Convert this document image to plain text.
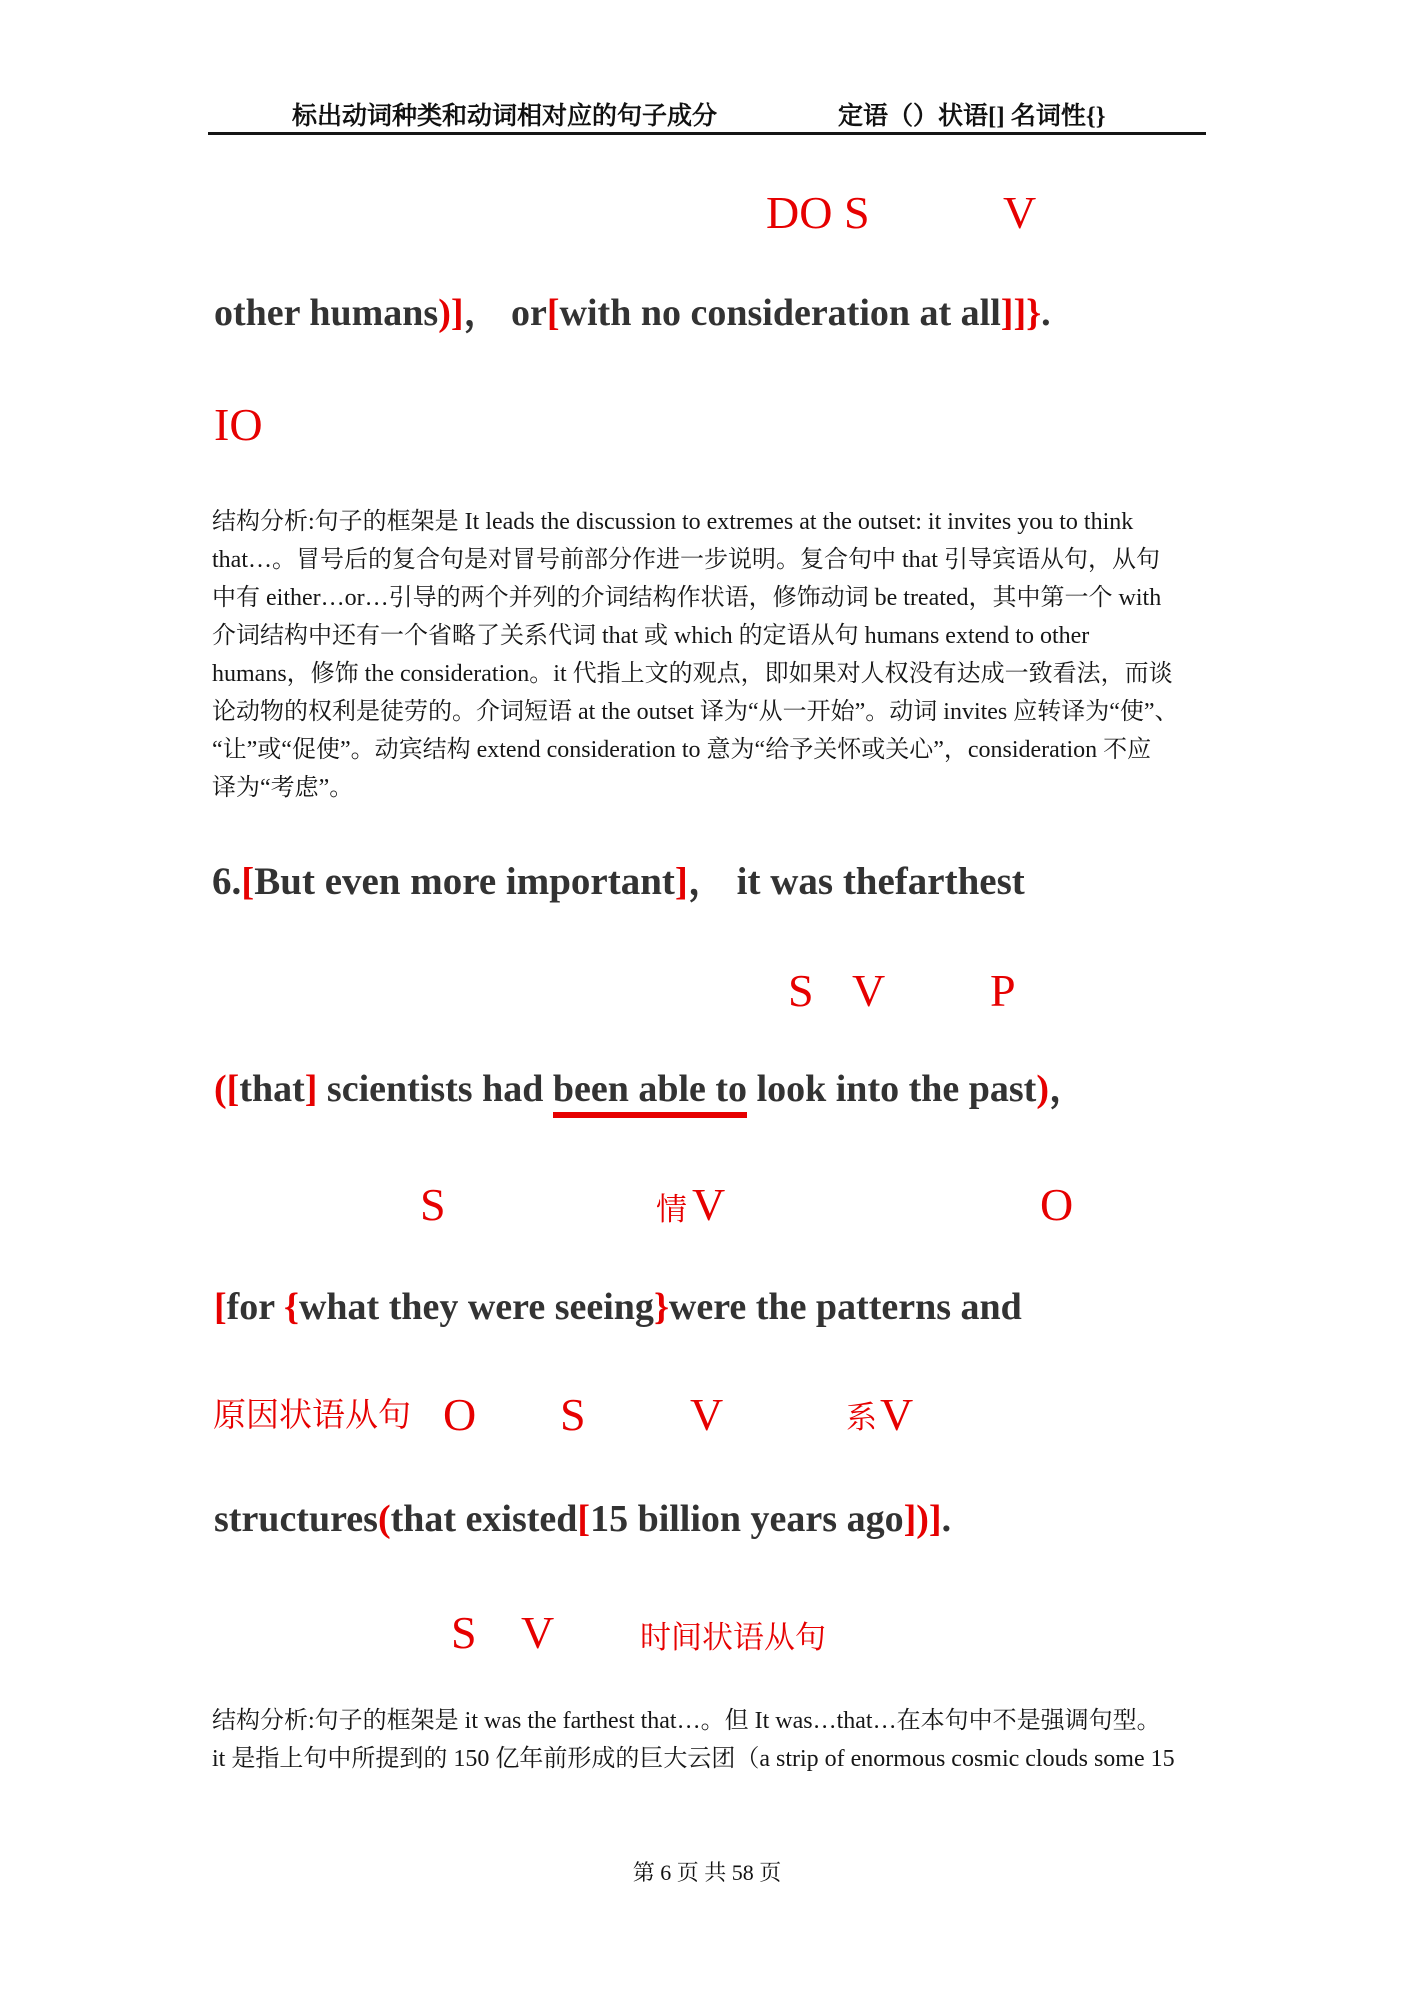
标出动词种类和动词相对应的句子成分	定语（）状语[] 名词性{}
DO S	V
other humans)]， or[with no consideration at all]]}.
IO
结构分析:句子的框架是 It leads the discussion to extremes at the outset: it invites you to think
that…。冒号后的复合句是对冒号前部分作进一步说明。复合句中 that 引导宾语从句，从句
中有 either…or…引导的两个并列的介词结构作状语，修饰动词 be treated，其中第一个 with
介词结构中还有一个省略了关系代词 that 或 which 的定语从句 humans extend to other
humans，修饰 the consideration。it 代指上文的观点，即如果对人权没有达成一致看法，而谈
论动物的权利是徒劳的。介词短语 at the outset 译为“从一开始”。动词 invites 应转译为“使”、
“让”或“促使”。动宾结构 extend consideration to 意为“给予关怀或关心”，consideration 不应
译为“考虑”。
6.[But even more important]， it was thefarthest
S V P
([that] scientists had been able to look into the past)，
S	情 V	O
[for {what they were seeing}were the patterns and
原因状语从句 O S V	系 V
structures(that existed[15 billion years ago])].
S V	时间状语从句
结构分析:句子的框架是 it was the farthest that…。但 It was…that…在本句中不是强调句型。
it 是指上句中所提到的 150 亿年前形成的巨大云团（a strip of enormous cosmic clouds some 15
第 6 页 共 58 页
